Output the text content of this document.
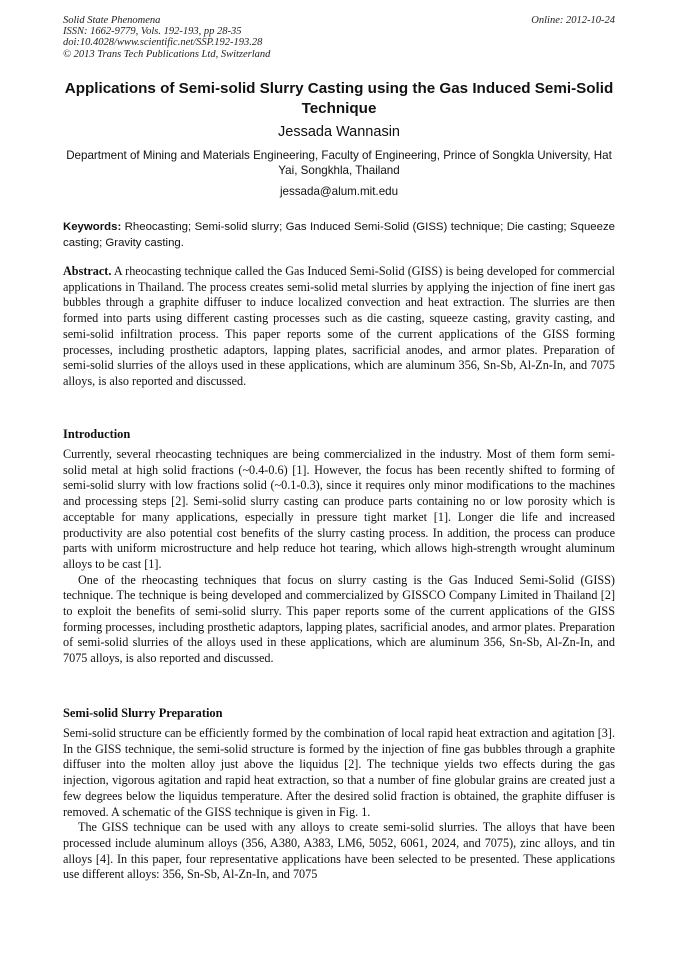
Solid State Phenomena
ISSN: 1662-9779, Vols. 192-193, pp 28-35
doi:10.4028/www.scientific.net/SSP.192-193.28
© 2013 Trans Tech Publications Ltd, Switzerland
Online: 2012-10-24
Applications of Semi-solid Slurry Casting using the Gas Induced Semi-Solid Technique
Jessada Wannasin
Department of Mining and Materials Engineering, Faculty of Engineering, Prince of Songkla University, Hat Yai, Songkhla, Thailand
jessada@alum.mit.edu
Keywords: Rheocasting; Semi-solid slurry; Gas Induced Semi-Solid (GISS) technique; Die casting; Squeeze casting; Gravity casting.

Abstract. A rheocasting technique called the Gas Induced Semi-Solid (GISS) is being developed for commercial applications in Thailand. The process creates semi-solid metal slurries by applying the injection of fine inert gas bubbles through a graphite diffuser to induce localized convection and heat extraction. The slurries are then formed into parts using different casting processes such as die casting, squeeze casting, gravity casting, and semi-solid infiltration process. This paper reports some of the current applications of the GISS forming processes, including prosthetic adaptors, lapping plates, sacrificial anodes, and armor plates. Preparation of semi-solid slurries of the alloys used in these applications, which are aluminum 356, Sn-Sb, Al-Zn-In, and 7075 alloys, is also reported and discussed.

Introduction

Currently, several rheocasting techniques are being commercialized in the industry. Most of them form semi-solid metal at high solid fractions (~0.4-0.6) [1]. However, the focus has been recently shifted to forming of semi-solid slurry with low fractions solid (~0.1-0.3), since it requires only minor modifications to the machines and processing steps [2]. Semi-solid slurry casting can produce parts containing no or low porosity which is acceptable for many applications, especially in pressure tight market [1]. Longer die life and increased productivity are also potential cost benefits of the slurry casting process. In addition, the process can produce parts with uniform microstructure and help reduce hot tearing, which allows high-strength wrought aluminum alloys to be cast [1].

One of the rheocasting techniques that focus on slurry casting is the Gas Induced Semi-Solid (GISS) technique. The technique is being developed and commercialized by GISSCO Company Limited in Thailand [2] to exploit the benefits of semi-solid slurry. This paper reports some of the current applications of the GISS forming processes, including prosthetic adaptors, lapping plates, sacrificial anodes, and armor plates. Preparation of semi-solid slurries of the alloys used in these applications, which are aluminum 356, Sn-Sb, Al-Zn-In, and 7075 alloys, is also reported and discussed.

Semi-solid Slurry Preparation

Semi-solid structure can be efficiently formed by the combination of local rapid heat extraction and agitation [3]. In the GISS technique, the semi-solid structure is formed by the injection of fine gas bubbles through a graphite diffuser into the molten alloy just above the liquidus [2]. The technique yields two effects during the gas injection, vigorous agitation and rapid heat extraction, so that a number of fine globular grains are created just a few degrees below the liquidus temperature. After the desired solid fraction is obtained, the graphite diffuser is removed. A schematic of the GISS technique is given in Fig. 1.

The GISS technique can be used with any alloys to create semi-solid slurries. The alloys that have been processed include aluminum alloys (356, A380, A383, LM6, 5052, 6061, 2024, and 7075), zinc alloys, and tin alloys [4]. In this paper, four representative applications have been selected to be presented. These applications use different alloys: 356, Sn-Sb, Al-Zn-In, and 7075
